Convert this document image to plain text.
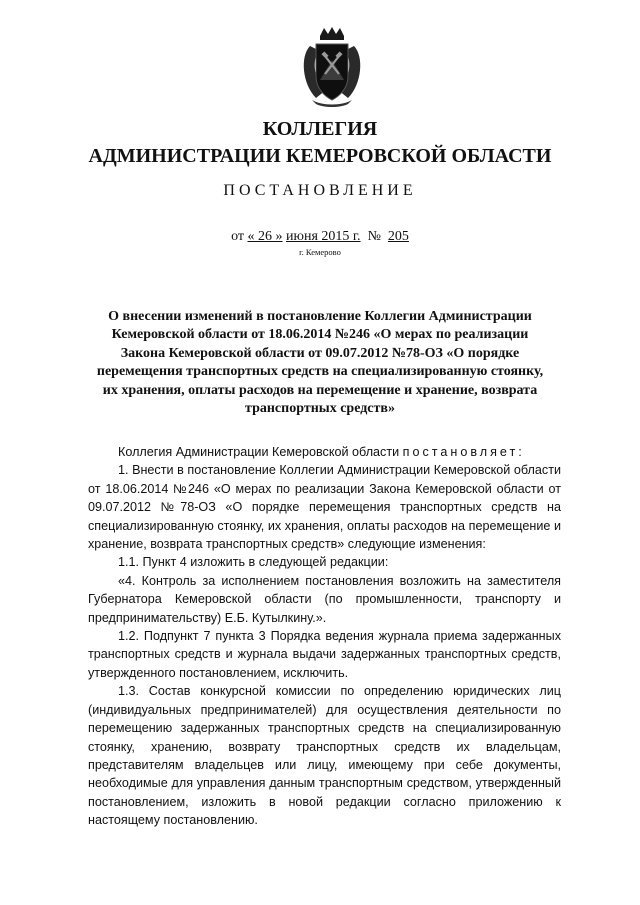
КОЛЛЕГИЯ
АДМИНИСТРАЦИИ КЕМЕРОВСКОЙ ОБЛАСТИ
ПОСТАНОВЛЕНИЕ
от « 26 » июня 2015 г. № 205
г. Кемерово
О внесении изменений в постановление Коллегии Администрации Кемеровской области от 18.06.2014 №246 «О мерах по реализации Закона Кемеровской области от 09.07.2012 №78-ОЗ «О порядке перемещения транспортных средств на специализированную стоянку, их хранения, оплаты расходов на перемещение и хранение, возврата транспортных средств»

Коллегия Администрации Кемеровской области постановляет:

1. Внести в постановление Коллегии Администрации Кемеровской области от 18.06.2014 №246 «О мерах по реализации Закона Кемеровской области от 09.07.2012 №78-ОЗ «О порядке перемещения транспортных средств на специализированную стоянку, их хранения, оплаты расходов на перемещение и хранение, возврата транспортных средств» следующие изменения:

1.1. Пункт 4 изложить в следующей редакции:

«4. Контроль за исполнением постановления возложить на заместителя Губернатора Кемеровской области (по промышленности, транспорту и предпринимательству) Е.Б. Кутылкину.».

1.2. Подпункт 7 пункта 3 Порядка ведения журнала приема задержанных транспортных средств и журнала выдачи задержанных транспортных средств, утвержденного постановлением, исключить.

1.3. Состав конкурсной комиссии по определению юридических лиц (индивидуальных предпринимателей) для осуществления деятельности по перемещению задержанных транспортных средств на специализированную стоянку, хранению, возврату транспортных средств их владельцам, представителям владельцев или лицу, имеющему при себе документы, необходимые для управления данным транспортным средством, утвержденный постановлением, изложить в новой редакции согласно приложению к настоящему постановлению.
